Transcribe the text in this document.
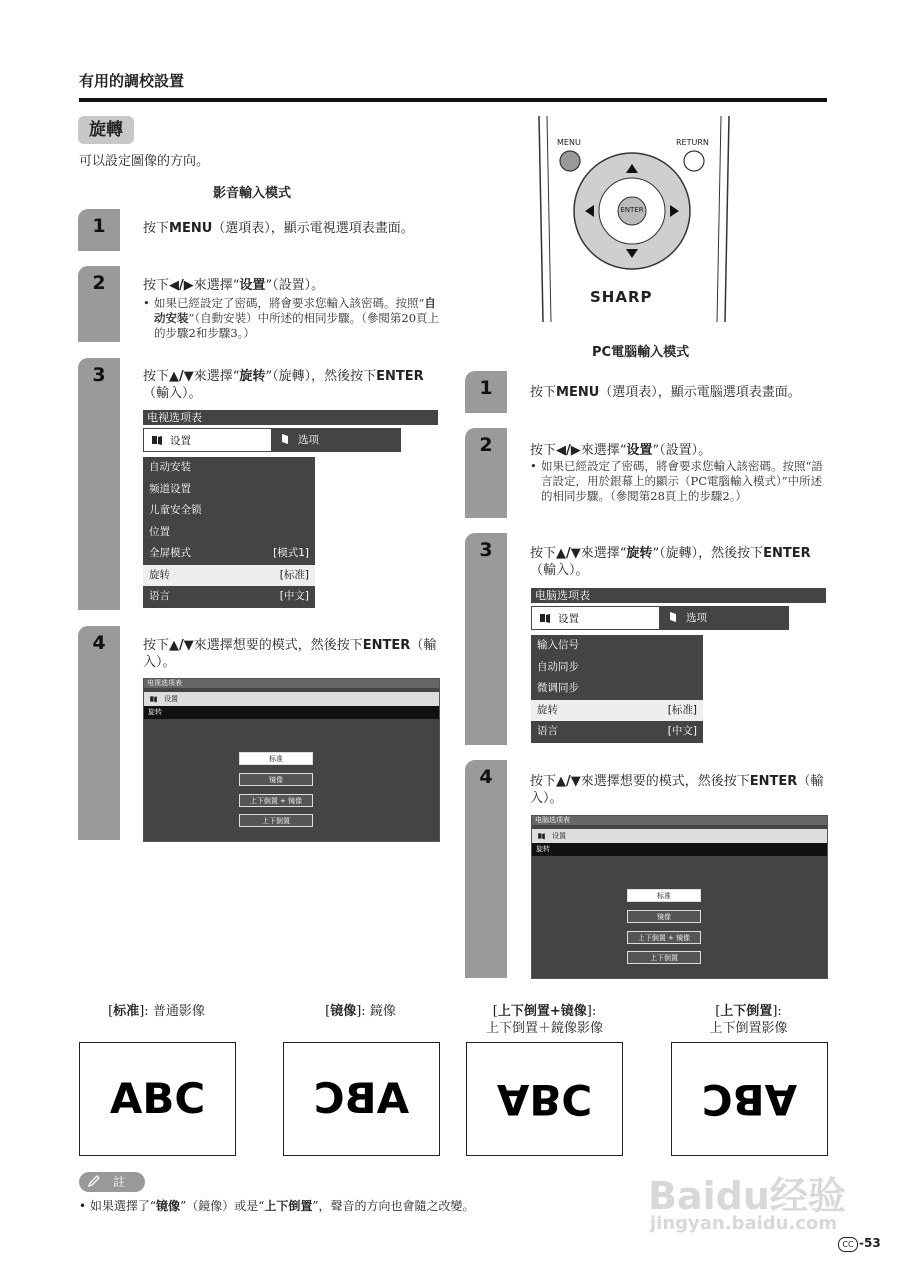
有用的調校設置
旋轉
可以設定圖像的方向。
影音輸入模式
1	按下MENU（選項表），顯示電視選項表畫面。
2	按下◀/▶來選擇“设置”（設置）。
• 如果已經設定了密碼，將會要求您輸入該密碼。按照“自动安装”（自動安裝）中所述的相同步驟。（參閱第20頁上的步驟2和步驟3。）
3	按下▲/▼來選擇“旋转”（旋轉），然後按下ENTER（輸入）。
电视选项表
设置	选项
自动安装
频道设置
儿童安全锁
位置
全屏模式	[模式1]
旋转	[标准]
语言	[中文]
4	按下▲/▼來選擇想要的模式，然後按下ENTER（輸入）。
电视选项表
设置
旋转
标准
镜像
上下倒置 + 镜像
上下倒置
MENU	RETURN
ENTER
SHARP
PC電腦輸入模式
1	按下MENU（選項表），顯示電腦選項表畫面。
2	按下◀/▶來選擇“设置”（設置）。
• 如果已經設定了密碼，將會要求您輸入該密碼。按照“語言設定，用於銀幕上的顯示（PC電腦輸入模式）”中所述的相同步驟。（參閱第28頁上的步驟2。）
3	按下▲/▼來選擇“旋转”（旋轉），然後按下ENTER（輸入）。
电脑选项表
设置	选项
输入信号
自动同步
微调同步
旋转	[标准]
语言	[中文]
4	按下▲/▼來選擇想要的模式，然後按下ENTER（輸入）。
电脑选项表
设置
旋转
标准
镜像
上下倒置 + 镜像
上下倒置
[标准]: 普通影像	[镜像]: 鏡像	[上下倒置+镜像]:
上下倒置＋鏡像影像
[上下倒置]:
上下倒置影像
ABC	ABC	ABC	ABC
註
• 如果選擇了“镜像”（鏡像）或是“上下倒置”，聲音的方向也會隨之改變。	Baidu经验
jingyan.baidu.com
CC -53
